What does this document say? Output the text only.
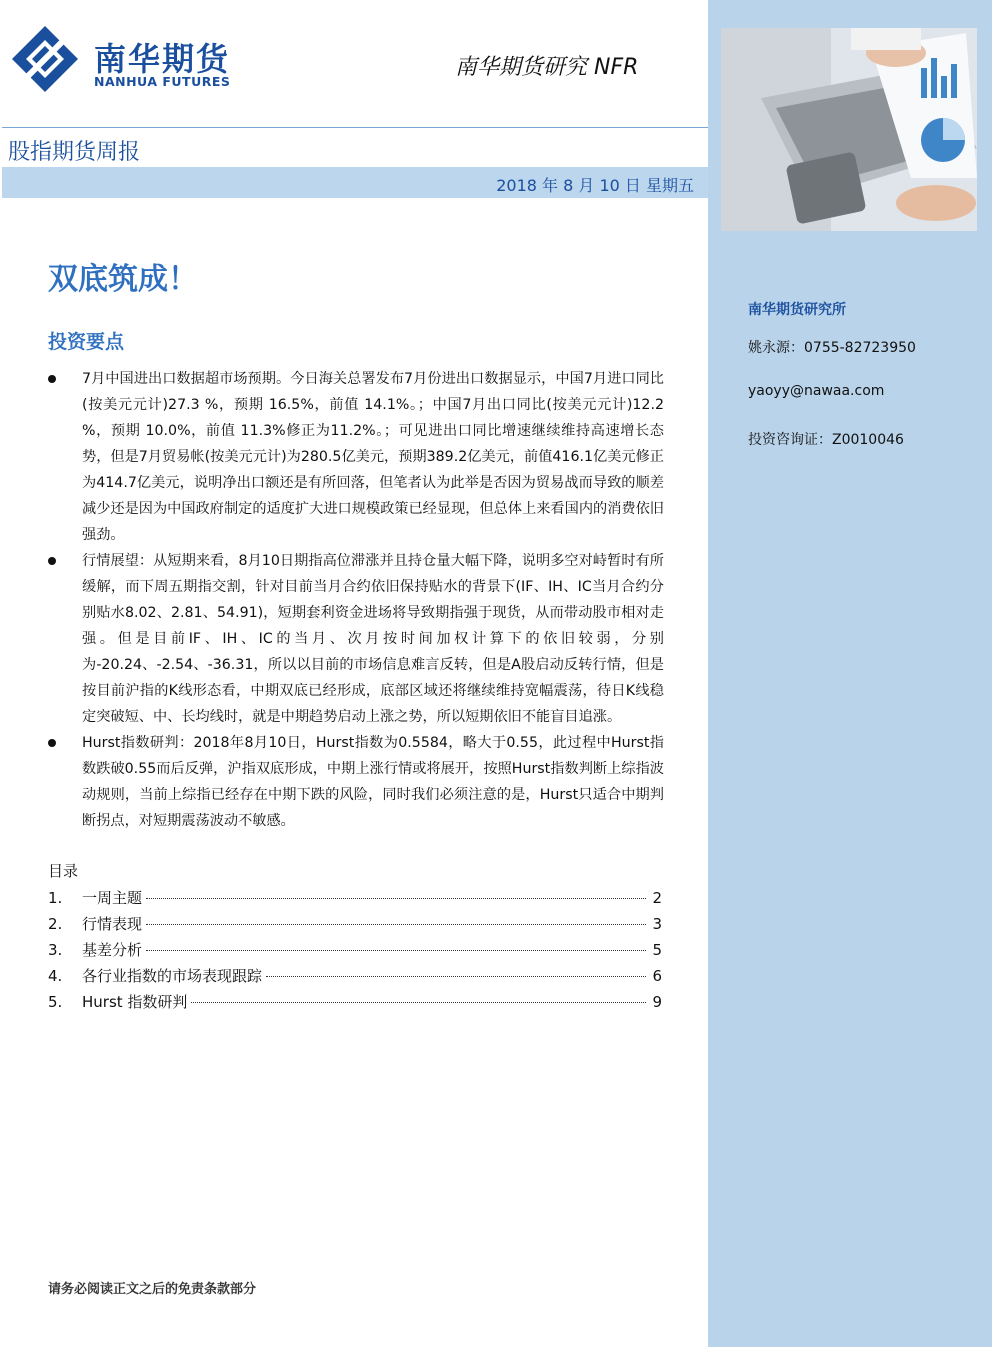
南华期货
NANHUA FUTURES
南华期货研究 NFR
股指期货周报
2018 年 8 月 10 日 星期五
双底筑成！
投资要点
7月中国进出口数据超市场预期。今日海关总署发布7月份进出口数据显示，中国7月进口同比(按美元元计)27.3 %，预期 16.5%，前值 14.1%。；中国7月出口同比(按美元元计)12.2 %，预期 10.0%，前值 11.3%修正为11.2%。；可见进出口同比增速继续维持高速增长态势，但是7月贸易帐(按美元元计)为280.5亿美元，预期389.2亿美元，前值416.1亿美元修正为414.7亿美元，说明净出口额还是有所回落，但笔者认为此举是否因为贸易战而导致的顺差减少还是因为中国政府制定的适度扩大进口规模政策已经显现，但总体上来看国内的消费依旧强劲。
行情展望：从短期来看，8月10日期指高位滞涨并且持仓量大幅下降，说明多空对峙暂时有所缓解，而下周五期指交割，针对目前当月合约依旧保持贴水的背景下(IF、IH、IC当月合约分别贴水8.02、2.81、54.91)，短期套利资金进场将导致期指强于现货，从而带动股市相对走强。但是目前IF、IH、IC的当月、次月按时间加权计算下的依旧较弱，分别为-20.24、-2.54、-36.31，所以以目前的市场信息难言反转，但是A股启动反转行情，但是按目前沪指的K线形态看，中期双底已经形成，底部区域还将继续维持宽幅震荡，待日K线稳定突破短、中、长均线时，就是中期趋势启动上涨之势，所以短期依旧不能盲目追涨。
Hurst指数研判：2018年8月10日，Hurst指数为0.5584，略大于0.55，此过程中Hurst指数跌破0.55而后反弹，沪指双底形成，中期上涨行情或将展开，按照Hurst指数判断上综指波动规则，当前上综指已经存在中期下跌的风险，同时我们必须注意的是，Hurst只适合中期判断拐点，对短期震荡波动不敏感。
目录
1.	一周主题	2
2.	行情表现	3
3.	基差分析	5
4.	各行业指数的市场表现跟踪	6
5.	Hurst 指数研判	9
南华期货研究所
姚永源：0755-82723950
yaoyy@nawaa.com
投资咨询证：Z0010046
请务必阅读正文之后的免责条款部分
